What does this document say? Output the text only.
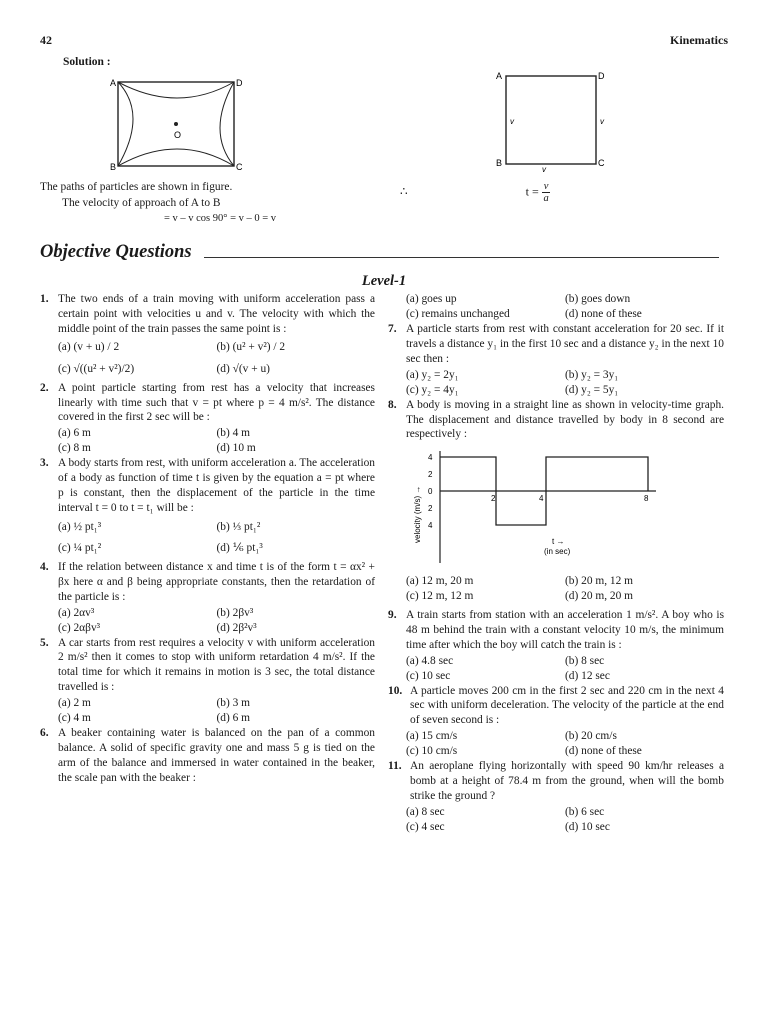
42	Kinematics
Solution :
A	D
B	C
O
A	D
B	C
v
v
v
The paths of particles are shown in figure.
The velocity of approach of A to B
= v – v cos 90° = v – 0 = v
∴	$t = \frac{v}{a}$
Objective Questions
Level-1
1. The two ends of a train moving with uniform acceleration pass a certain point with velocities u and v. The velocity with which the middle point of the train passes the same point is :
(a) (v + u) / 2	(b) (u² + v²) / 2
(c) √((u² + v²)/2)	(d) √(v + u)
2. A point particle starting from rest has a velocity that increases linearly with time such that v = pt where p = 4 m/s². The distance covered in the first 2 sec will be :
(a) 6 m	(b) 4 m
(c) 8 m	(d) 10 m
3. A body starts from rest, with uniform acceleration a. The acceleration of a body as function of time t is given by the equation a = pt where p is constant, then the displacement of the particle in the time interval t = 0 to t = t₁ will be :
(a) ½ pt₁³	(b) ⅓ pt₁²
(c) ¼ pt₁²	(d) ⅙ pt₁³
4. If the relation between distance x and time t is of the form t = αx² + βx here α and β being appropriate constants, then the retardation of the particle is :
(a) 2αv³	(b) 2βv³
(c) 2αβv³	(d) 2β²v³
5. A car starts from rest requires a velocity v with uniform acceleration 2 m/s² then it comes to stop with uniform retardation 4 m/s². If the total time for which it remains in motion is 3 sec, the total distance travelled is :
(a) 2 m	(b) 3 m
(c) 4 m	(d) 6 m
6. A beaker containing water is balanced on the pan of a common balance. A solid of specific gravity one and mass 5 g is tied on the arm of the balance and immersed in water contained in the beaker, the scale pan with the beaker :
(a) goes up	(b) goes down
(c) remains unchanged	(d) none of these
7. A particle starts from rest with constant acceleration for 20 sec. If it travels a distance y₁ in the first 10 sec and a distance y₂ in the next 10 sec then :
(a) y₂ = 2y₁	(b) y₂ = 3y₁
(c) y₂ = 4y₁	(d) y₂ = 5y₁
8. A body is moving in a straight line as shown in velocity-time graph. The displacement and distance travelled by body in 8 second are respectively :
4
2
0
2
4
2	4	8
velocity (m/s) →	t →
(in sec)
(a) 12 m, 20 m	(b) 20 m, 12 m
(c) 12 m, 12 m	(d) 20 m, 20 m
9. A train starts from station with an acceleration 1 m/s². A boy who is 48 m behind the train with a constant velocity 10 m/s, the minimum time after which the boy will catch the train is :
(a) 4.8 sec	(b) 8 sec
(c) 10 sec	(d) 12 sec
10. A particle moves 200 cm in the first 2 sec and 220 cm in the next 4 sec with uniform deceleration. The velocity of the particle at the end of seven second is :
(a) 15 cm/s	(b) 20 cm/s
(c) 10 cm/s	(d) none of these
11. An aeroplane flying horizontally with speed 90 km/hr releases a bomb at a height of 78.4 m from the ground, when will the bomb strike the ground ?
(a) 8 sec	(b) 6 sec
(c) 4 sec	(d) 10 sec
